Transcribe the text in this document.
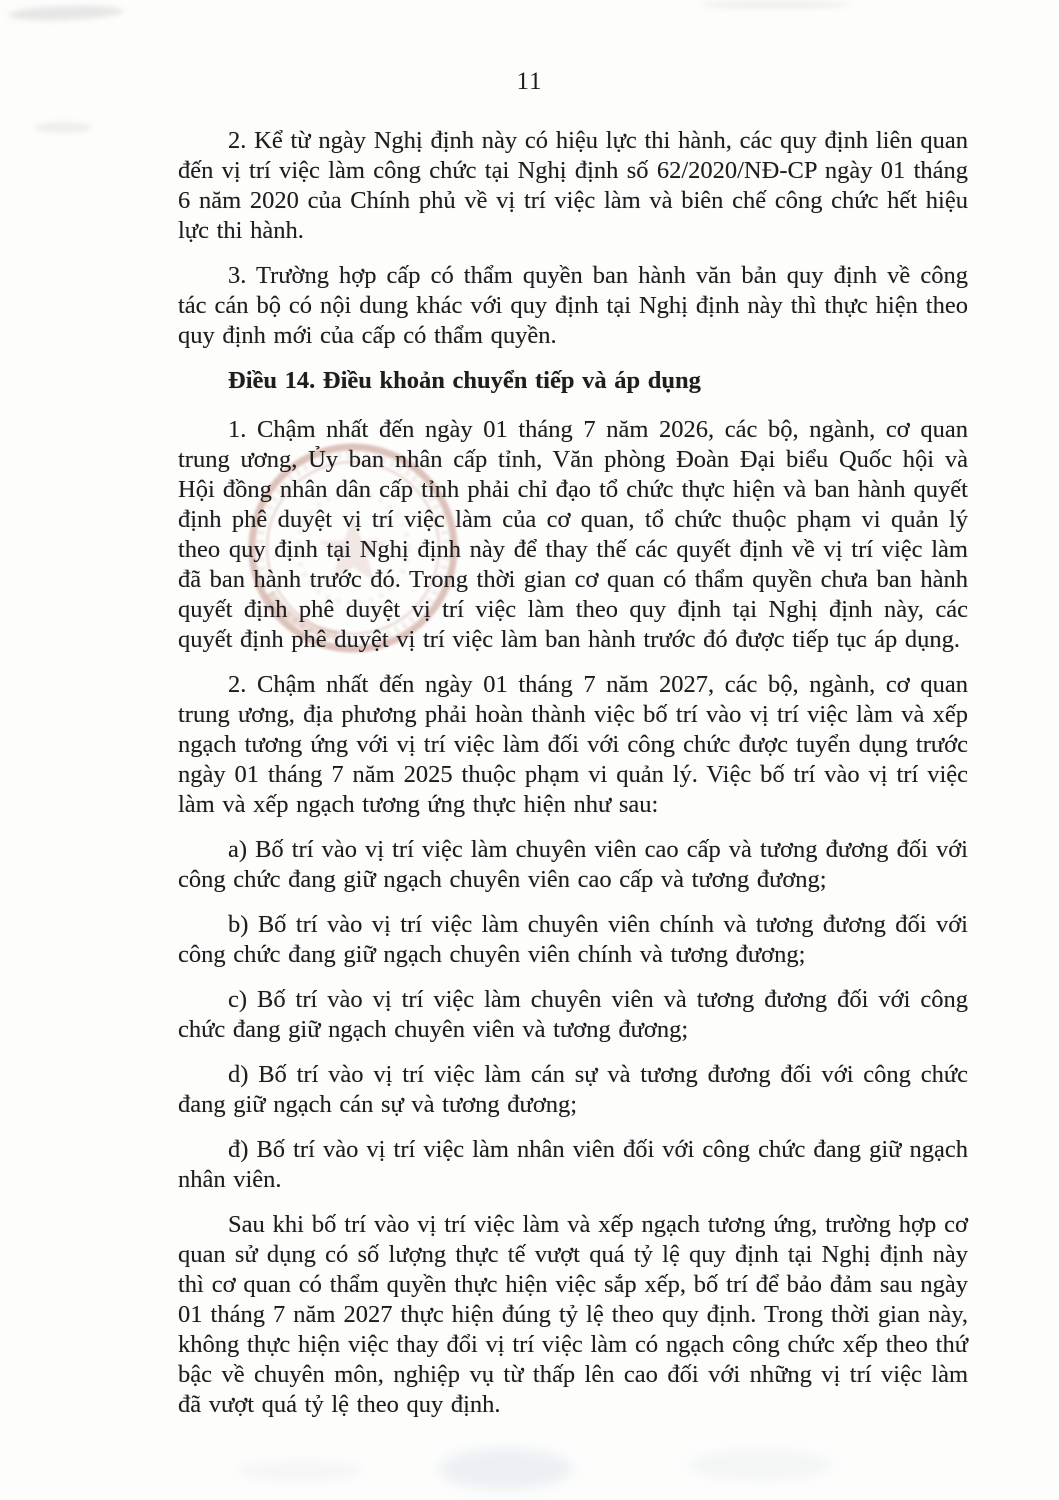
11

2. Kể từ ngày Nghị định này có hiệu lực thi hành, các quy định liên quan đến vị trí việc làm công chức tại Nghị định số 62/2020/NĐ-CP ngày 01 tháng 6 năm 2020 của Chính phủ về vị trí việc làm và biên chế công chức hết hiệu lực thi hành.

3. Trường hợp cấp có thẩm quyền ban hành văn bản quy định về công tác cán bộ có nội dung khác với quy định tại Nghị định này thì thực hiện theo quy định mới của cấp có thẩm quyền.

Điều 14. Điều khoản chuyển tiếp và áp dụng

1. Chậm nhất đến ngày 01 tháng 7 năm 2026, các bộ, ngành, cơ quan trung ương, Ủy ban nhân cấp tỉnh, Văn phòng Đoàn Đại biểu Quốc hội và Hội đồng nhân dân cấp tỉnh phải chỉ đạo tổ chức thực hiện và ban hành quyết định phê duyệt vị trí việc làm của cơ quan, tổ chức thuộc phạm vi quản lý theo quy định tại Nghị định này để thay thế các quyết định về vị trí việc làm đã ban hành trước đó. Trong thời gian cơ quan có thẩm quyền chưa ban hành quyết định phê duyệt vị trí việc làm theo quy định tại Nghị định này, các quyết định phê duyệt vị trí việc làm ban hành trước đó được tiếp tục áp dụng.

2. Chậm nhất đến ngày 01 tháng 7 năm 2027, các bộ, ngành, cơ quan trung ương, địa phương phải hoàn thành việc bố trí vào vị trí việc làm và xếp ngạch tương ứng với vị trí việc làm đối với công chức được tuyển dụng trước ngày 01 tháng 7 năm 2025 thuộc phạm vi quản lý. Việc bố trí vào vị trí việc làm và xếp ngạch tương ứng thực hiện như sau:

a) Bố trí vào vị trí việc làm chuyên viên cao cấp và tương đương đối với công chức đang giữ ngạch chuyên viên cao cấp và tương đương;

b) Bố trí vào vị trí việc làm chuyên viên chính và tương đương đối với công chức đang giữ ngạch chuyên viên chính và tương đương;

c) Bố trí vào vị trí việc làm chuyên viên và tương đương đối với công chức đang giữ ngạch chuyên viên và tương đương;

d) Bố trí vào vị trí việc làm cán sự và tương đương đối với công chức đang giữ ngạch cán sự và tương đương;

đ) Bố trí vào vị trí việc làm nhân viên đối với công chức đang giữ ngạch nhân viên.

Sau khi bố trí vào vị trí việc làm và xếp ngạch tương ứng, trường hợp cơ quan sử dụng có số lượng thực tế vượt quá tỷ lệ quy định tại Nghị định này thì cơ quan có thẩm quyền thực hiện việc sắp xếp, bố trí để bảo đảm sau ngày 01 tháng 7 năm 2027 thực hiện đúng tỷ lệ theo quy định. Trong thời gian này, không thực hiện việc thay đổi vị trí việc làm có ngạch công chức xếp theo thứ bậc về chuyên môn, nghiệp vụ từ thấp lên cao đối với những vị trí việc làm đã vượt quá tỷ lệ theo quy định.
